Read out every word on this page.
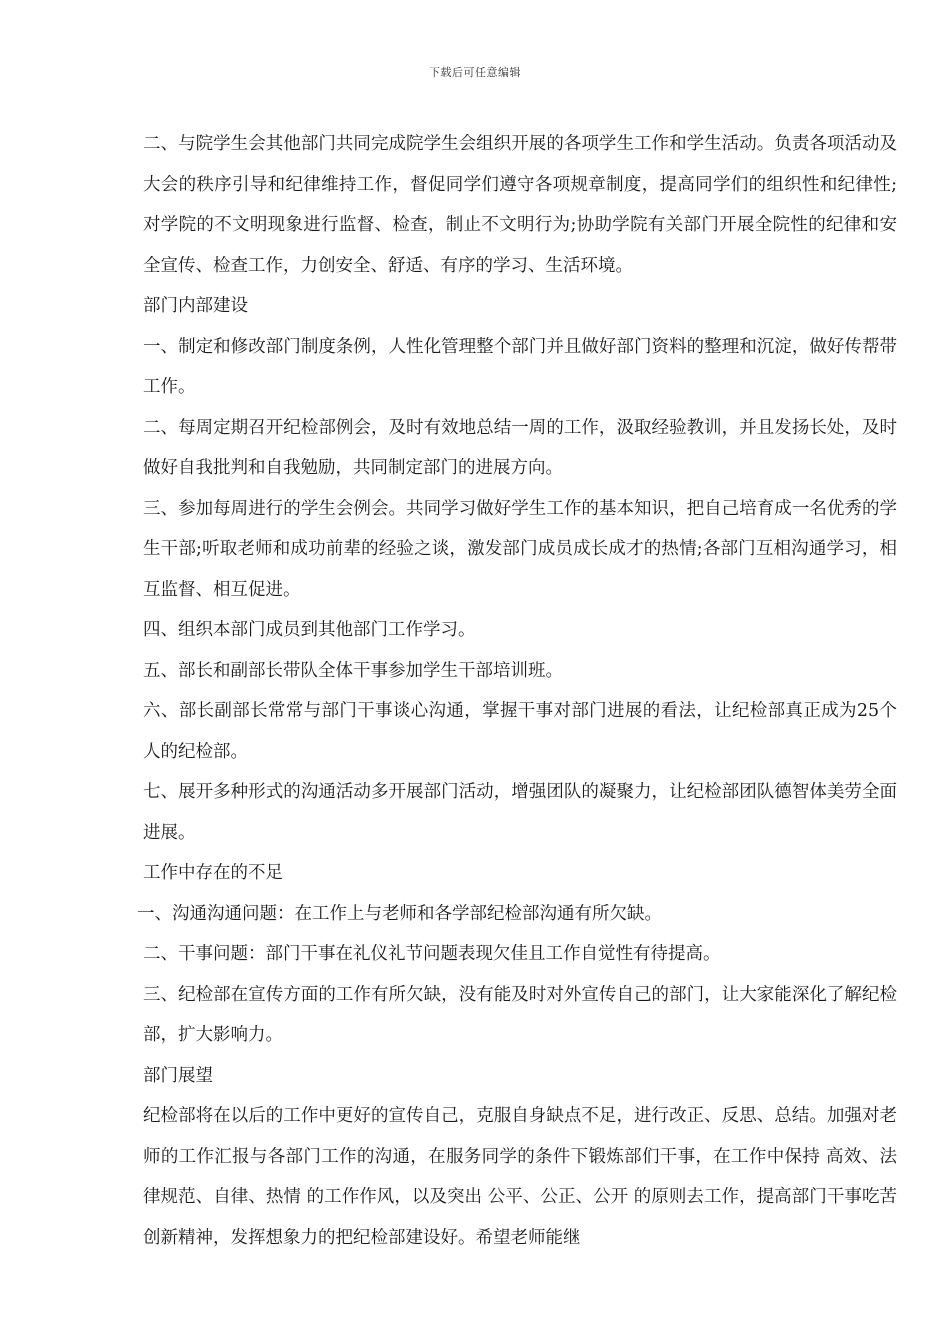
下载后可任意编辑

二、与院学生会其他部门共同完成院学生会组织开展的各项学生工作和学生活动。负责各项活动及大会的秩序引导和纪律维持工作，督促同学们遵守各项规章制度，提高同学们的组织性和纪律性;对学院的不文明现象进行监督、检查，制止不文明行为;协助学院有关部门开展全院性的纪律和安全宣传、检查工作，力创安全、舒适、有序的学习、生活环境。

部门内部建设

一、制定和修改部门制度条例，人性化管理整个部门并且做好部门资料的整理和沉淀，做好传帮带工作。

二、每周定期召开纪检部例会，及时有效地总结一周的工作，汲取经验教训，并且发扬长处，及时做好自我批判和自我勉励，共同制定部门的进展方向。

三、参加每周进行的学生会例会。共同学习做好学生工作的基本知识，把自己培育成一名优秀的学生干部;听取老师和成功前辈的经验之谈，激发部门成员成长成才的热情;各部门互相沟通学习，相互监督、相互促进。

四、组织本部门成员到其他部门工作学习。

五、部长和副部长带队全体干事参加学生干部培训班。

六、部长副部长常常与部门干事谈心沟通，掌握干事对部门进展的看法，让纪检部真正成为25个人的纪检部。

七、展开多种形式的沟通活动多开展部门活动，增强团队的凝聚力，让纪检部团队德智体美劳全面进展。

工作中存在的不足

一、沟通沟通问题：在工作上与老师和各学部纪检部沟通有所欠缺。

二、干事问题：部门干事在礼仪礼节问题表现欠佳且工作自觉性有待提高。

三、纪检部在宣传方面的工作有所欠缺，没有能及时对外宣传自己的部门，让大家能深化了解纪检部，扩大影响力。

部门展望

纪检部将在以后的工作中更好的宣传自己，克服自身缺点不足，进行改正、反思、总结。加强对老师的工作汇报与各部门工作的沟通，在服务同学的条件下锻炼部们干事，在工作中保持 高效、法律规范、自律、热情 的工作作风，以及突出 公平、公正、公开 的原则去工作，提高部门干事吃苦创新精神，发挥想象力的把纪检部建设好。希望老师能继
